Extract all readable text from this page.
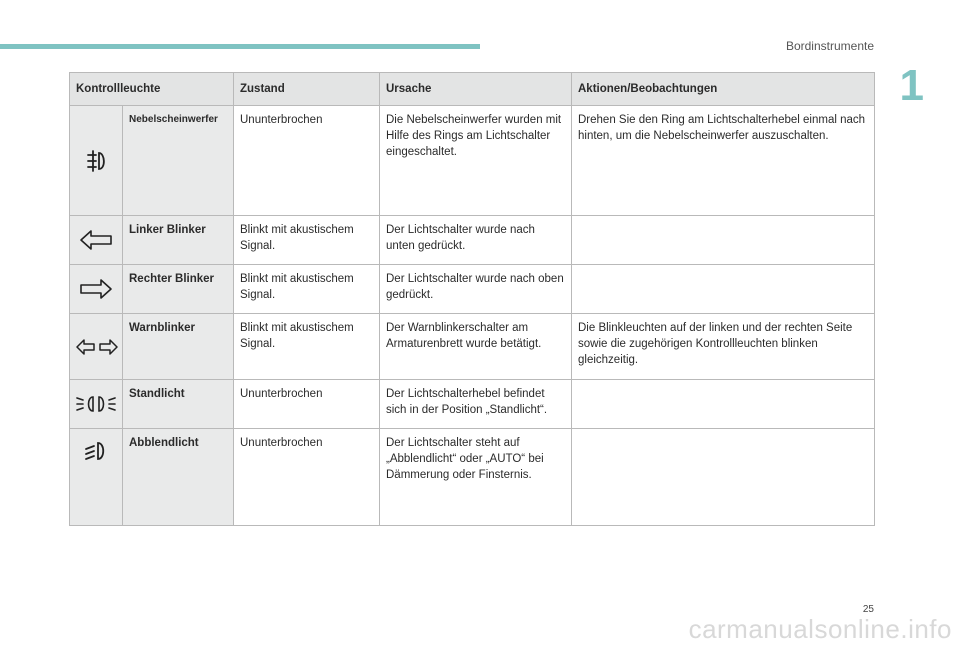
Bordinstrumente
1
Kontrollleuchte		Zustand	Ursache	Aktionen/Beobachtungen

	Nebelscheinwerfer	Ununterbrochen	Die Nebelscheinwerfer wurden mit Hilfe des Rings am Lichtschalter eingeschaltet.	Drehen Sie den Ring am Lichtschalterhebel einmal nach hinten, um die Nebelscheinwerfer auszuschalten.

	Linker Blinker	Blinkt mit akustischem Signal.	Der Lichtschalter wurde nach unten gedrückt.	

	Rechter Blinker	Blinkt mit akustischem Signal.	Der Lichtschalter wurde nach oben gedrückt.	

	Warnblinker	Blinkt mit akustischem Signal.	Der Warnblinkerschalter am Armaturenbrett wurde betätigt.	Die Blinkleuchten auf der linken und der rechten Seite sowie die zugehörigen Kontrollleuchten blinken gleichzeitig.

	Standlicht	Ununterbrochen	Der Lichtschalterhebel befindet sich in der Position „Standlicht“.	

	Abblendlicht	Ununterbrochen	Der Lichtschalter steht auf „Abblendlicht“ oder „AUTO“ bei Dämmerung oder Finsternis.	
25
carmanualsonline.info
